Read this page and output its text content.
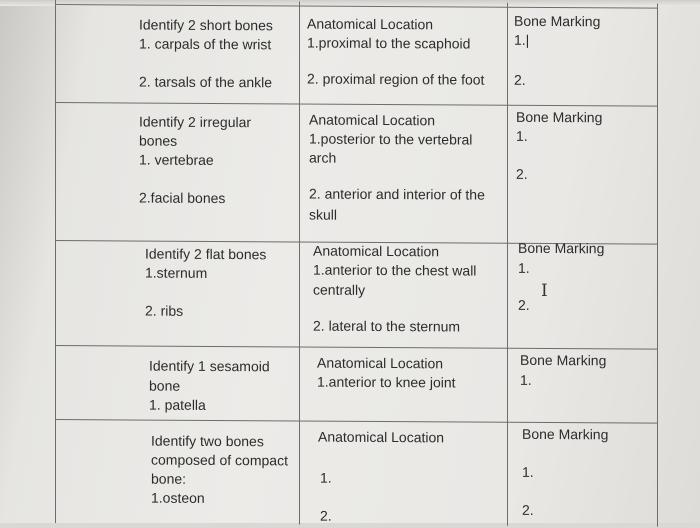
Identify 2 short bones
1. carpals of the wrist
2. tarsals of the ankle
Anatomical Location
1.proximal to the scaphoid
2. proximal region of the foot
Bone Marking
1.|
2.
Identify 2 irregular
bones
1. vertebrae
2.facial bones
Anatomical Location
1.posterior to the vertebral
arch
2. anterior and interior of the
skull
Bone Marking
1.
2.
Identify 2 flat bones
1.sternum
2. ribs
Anatomical Location
1.anterior to the chest wall
centrally
2. lateral to the sternum
Bone Marking
1.
2.
I
Identify 1 sesamoid
bone
1. patella
Anatomical Location
1.anterior to knee joint
Bone Marking
1.
Identify two bones
composed of compact
bone:
1.osteon
Anatomical Location
1.
2.
Bone Marking
1.
2.
